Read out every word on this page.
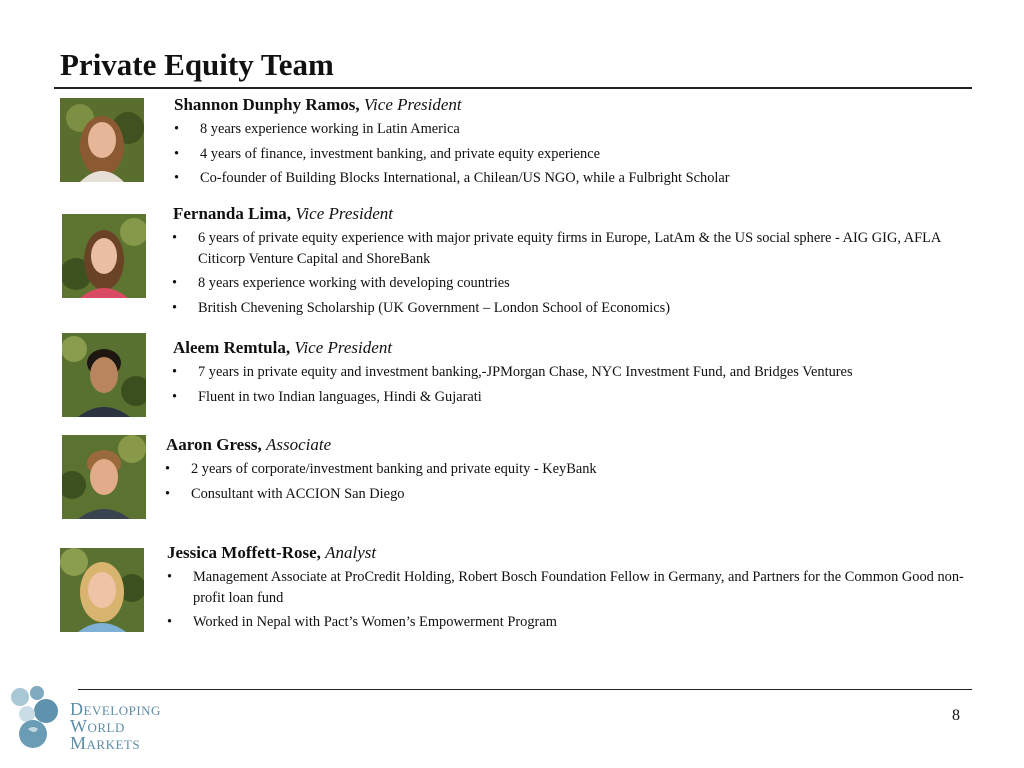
Private Equity Team

Shannon Dunphy Ramos, Vice President

• 8 years experience working in Latin America
• 4 years of finance, investment banking, and private equity experience
• Co-founder of Building Blocks International, a Chilean/US NGO, while a Fulbright Scholar

Fernanda Lima, Vice President

• 6 years of private equity experience with major private equity firms in Europe, LatAm & the US social sphere - AIG GIG, AFLA Citicorp Venture Capital and ShoreBank
• 8 years experience working with developing countries
• British Chevening Scholarship (UK Government – London School of Economics)

Aleem Remtula, Vice President

• 7 years in private equity and investment banking,-JPMorgan Chase, NYC Investment Fund, and Bridges Ventures
• Fluent in two Indian languages, Hindi & Gujarati

Aaron Gress, Associate

• 2 years of corporate/investment banking and private equity - KeyBank
• Consultant with ACCION San Diego

Jessica Moffett-Rose, Analyst

• Management Associate at ProCredit Holding, Robert Bosch Foundation Fellow in Germany, and Partners for the Common Good non- profit loan fund
• Worked in Nepal with Pact’s Women’s Empowerment Program
Developing
World
Markets
8
